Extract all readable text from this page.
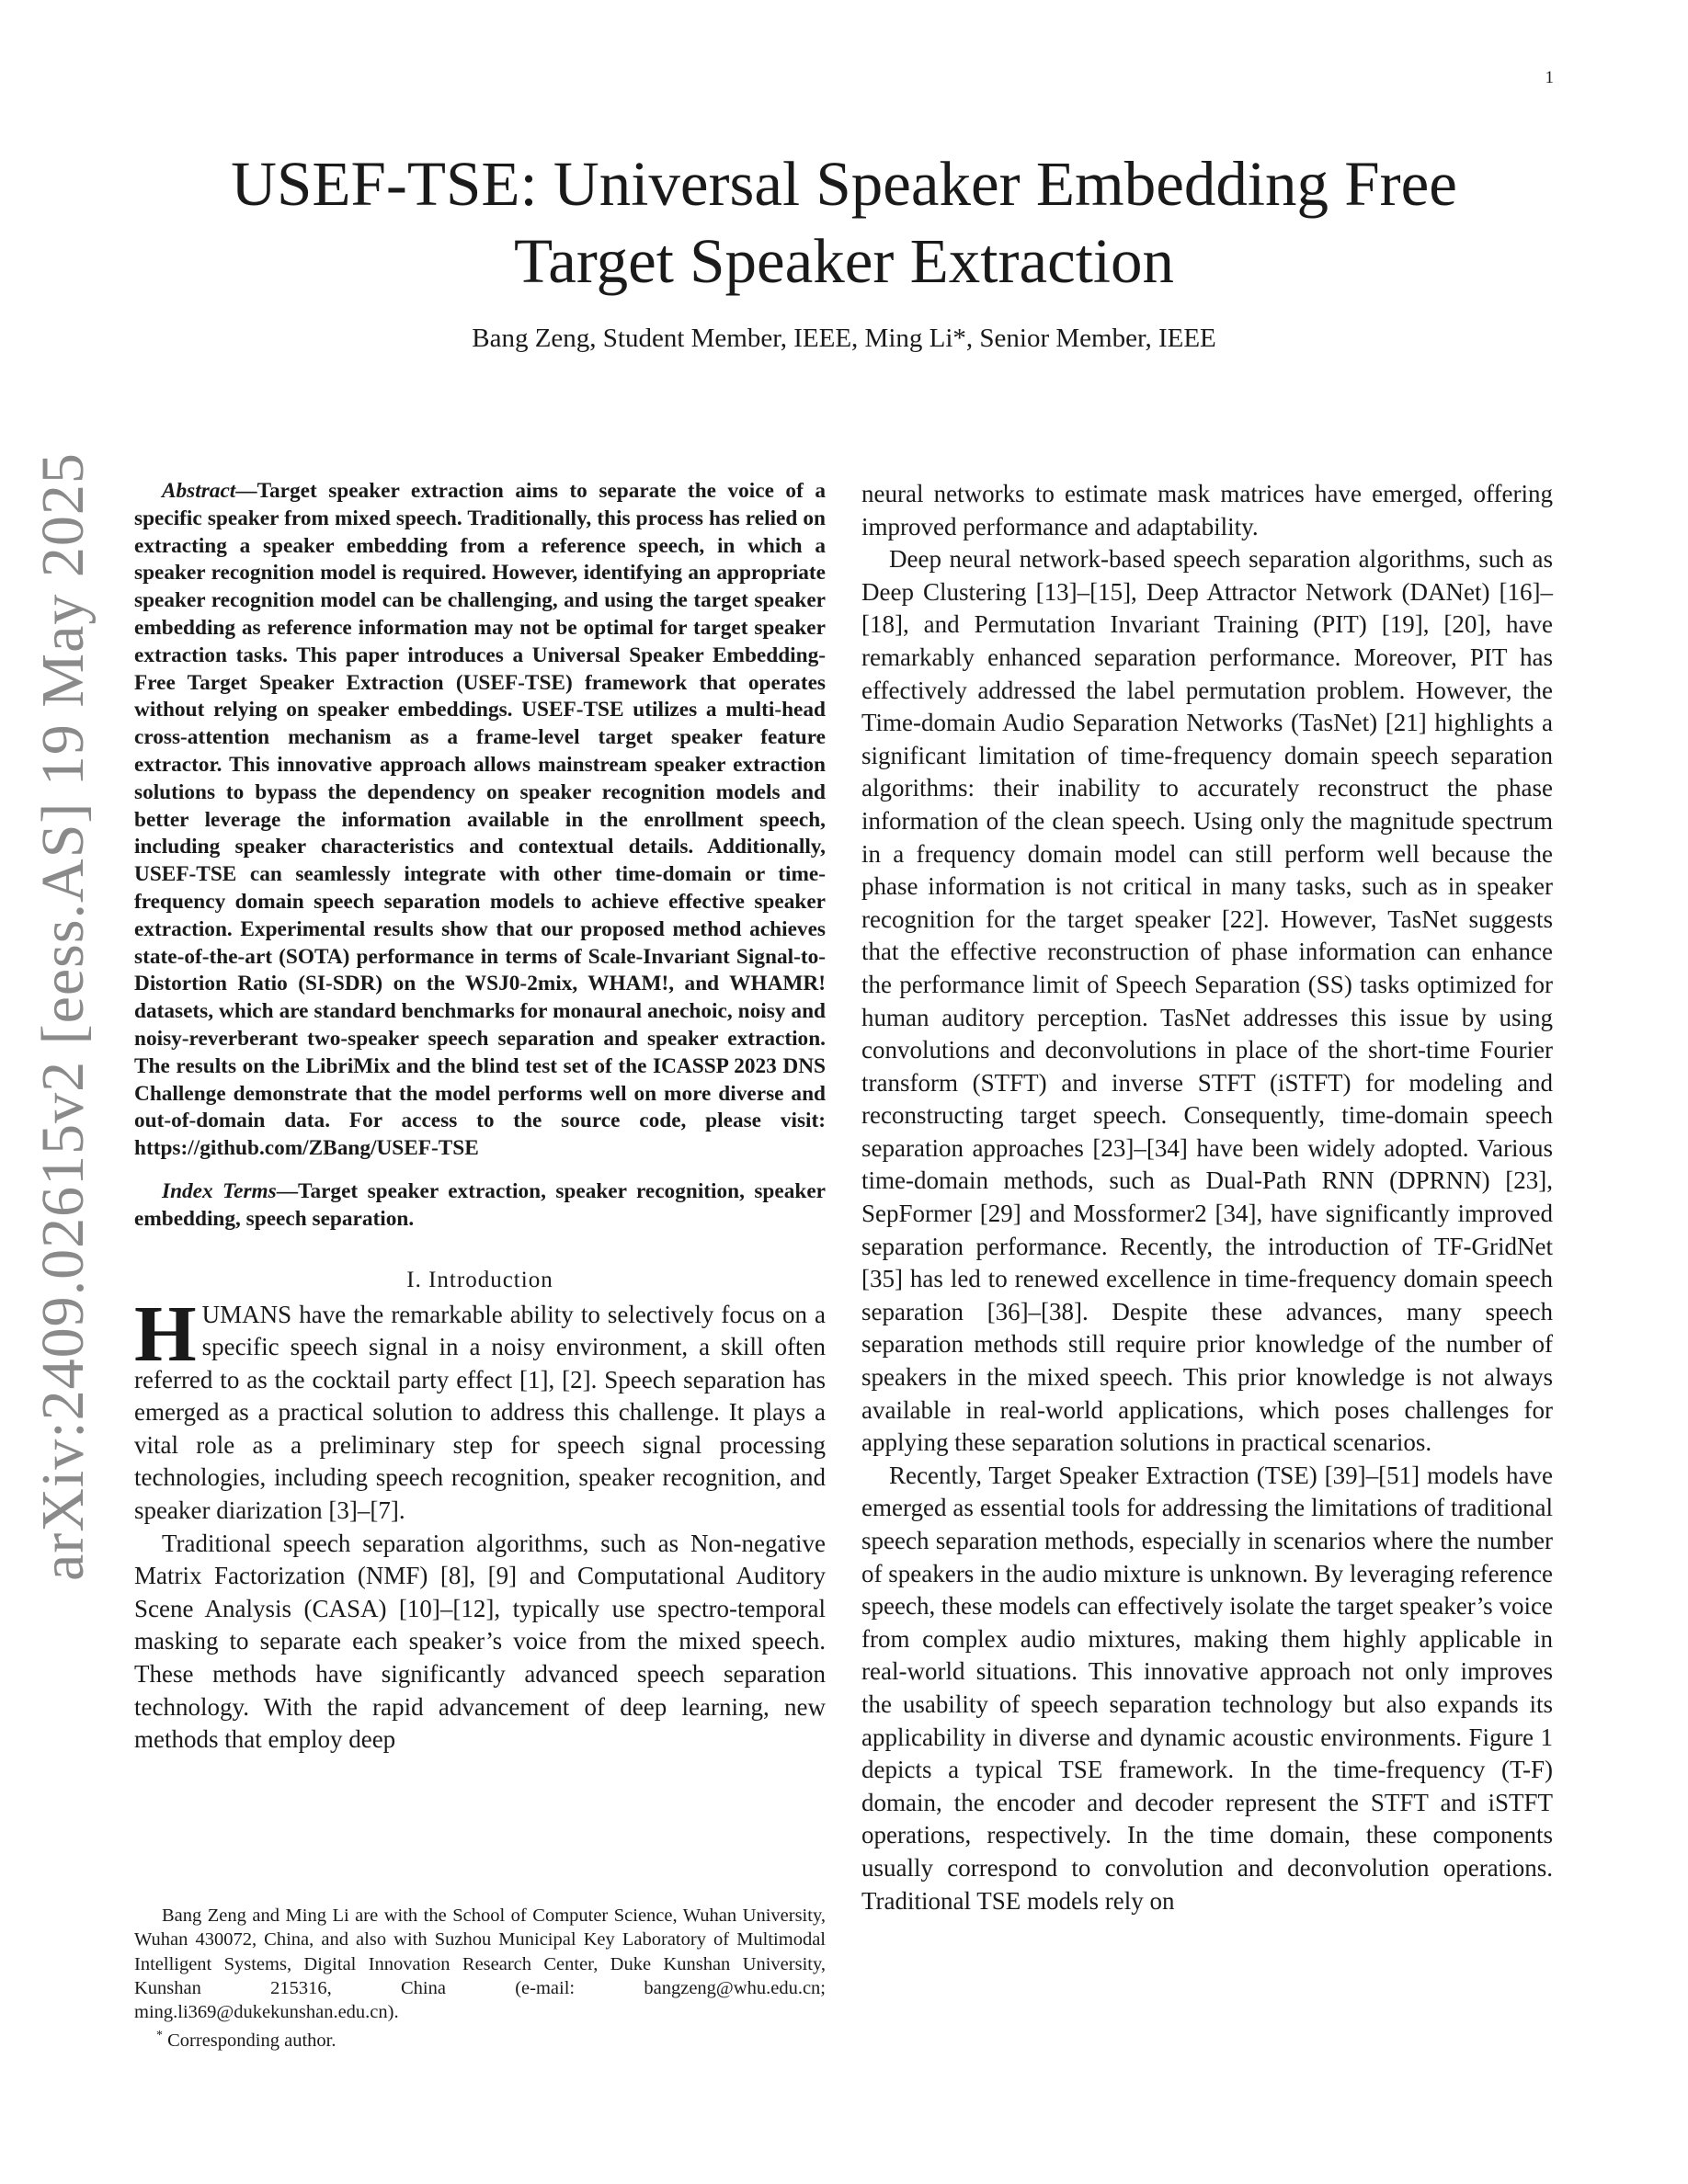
1
arXiv:2409.02615v2 [eess.AS] 19 May 2025
USEF-TSE: Universal Speaker Embedding Free
Target Speaker Extraction
Bang Zeng, Student Member, IEEE, Ming Li*, Senior Member, IEEE

Abstract—Target speaker extraction aims to separate the voice of a specific speaker from mixed speech. Traditionally, this process has relied on extracting a speaker embedding from a reference speech, in which a speaker recognition model is required. However, identifying an appropriate speaker recognition model can be challenging, and using the target speaker embedding as reference information may not be optimal for target speaker extraction tasks. This paper introduces a Universal Speaker Embedding-Free Target Speaker Extraction (USEF-TSE) framework that operates without relying on speaker embeddings. USEF-TSE utilizes a multi-head cross-attention mechanism as a frame-level target speaker feature extractor. This innovative approach allows mainstream speaker extraction solutions to bypass the dependency on speaker recognition models and better leverage the information available in the enrollment speech, including speaker characteristics and contextual details. Additionally, USEF-TSE can seamlessly integrate with other time-domain or time-frequency domain speech separation models to achieve effective speaker extraction. Experimental results show that our proposed method achieves state-of-the-art (SOTA) performance in terms of Scale-Invariant Signal-to-Distortion Ratio (SI-SDR) on the WSJ0-2mix, WHAM!, and WHAMR! datasets, which are standard benchmarks for monaural anechoic, noisy and noisy-reverberant two-speaker speech separation and speaker extraction. The results on the LibriMix and the blind test set of the ICASSP 2023 DNS Challenge demonstrate that the model performs well on more diverse and out-of-domain data. For access to the source code, please visit: https://github.com/ZBang/USEF-TSE

Index Terms—Target speaker extraction, speaker recognition, speaker embedding, speech separation.

I. Introduction

HUMANS have the remarkable ability to selectively focus on a specific speech signal in a noisy environment, a skill often referred to as the cocktail party effect [1], [2]. Speech separation has emerged as a practical solution to address this challenge. It plays a vital role as a preliminary step for speech signal processing technologies, including speech recognition, speaker recognition, and speaker diarization [3]–[7].

Traditional speech separation algorithms, such as Non-negative Matrix Factorization (NMF) [8], [9] and Computational Auditory Scene Analysis (CASA) [10]–[12], typically use spectro-temporal masking to separate each speaker’s voice from the mixed speech. These methods have significantly advanced speech separation technology. With the rapid advancement of deep learning, new methods that employ deep

Bang Zeng and Ming Li are with the School of Computer Science, Wuhan University, Wuhan 430072, China, and also with Suzhou Municipal Key Laboratory of Multimodal Intelligent Systems, Digital Innovation Research Center, Duke Kunshan University, Kunshan 215316, China (e-mail: bangzeng@whu.edu.cn; ming.li369@dukekunshan.edu.cn).

* Corresponding author.

neural networks to estimate mask matrices have emerged, offering improved performance and adaptability.

Deep neural network-based speech separation algorithms, such as Deep Clustering [13]–[15], Deep Attractor Network (DANet) [16]–[18], and Permutation Invariant Training (PIT) [19], [20], have remarkably enhanced separation performance. Moreover, PIT has effectively addressed the label permutation problem. However, the Time-domain Audio Separation Networks (TasNet) [21] highlights a significant limitation of time-frequency domain speech separation algorithms: their inability to accurately reconstruct the phase information of the clean speech. Using only the magnitude spectrum in a frequency domain model can still perform well because the phase information is not critical in many tasks, such as in speaker recognition for the target speaker [22]. However, TasNet suggests that the effective reconstruction of phase information can enhance the performance limit of Speech Separation (SS) tasks optimized for human auditory perception. TasNet addresses this issue by using convolutions and deconvolutions in place of the short-time Fourier transform (STFT) and inverse STFT (iSTFT) for modeling and reconstructing target speech. Consequently, time-domain speech separation approaches [23]–[34] have been widely adopted. Various time-domain methods, such as Dual-Path RNN (DPRNN) [23], SepFormer [29] and Mossformer2 [34], have significantly improved separation performance. Recently, the introduction of TF-GridNet [35] has led to renewed excellence in time-frequency domain speech separation [36]–[38]. Despite these advances, many speech separation methods still require prior knowledge of the number of speakers in the mixed speech. This prior knowledge is not always available in real-world applications, which poses challenges for applying these separation solutions in practical scenarios.

Recently, Target Speaker Extraction (TSE) [39]–[51] models have emerged as essential tools for addressing the limitations of traditional speech separation methods, especially in scenarios where the number of speakers in the audio mixture is unknown. By leveraging reference speech, these models can effectively isolate the target speaker’s voice from complex audio mixtures, making them highly applicable in real-world situations. This innovative approach not only improves the usability of speech separation technology but also expands its applicability in diverse and dynamic acoustic environments. Figure 1 depicts a typical TSE framework. In the time-frequency (T-F) domain, the encoder and decoder represent the STFT and iSTFT operations, respectively. In the time domain, these components usually correspond to convolution and deconvolution operations. Traditional TSE models rely on
